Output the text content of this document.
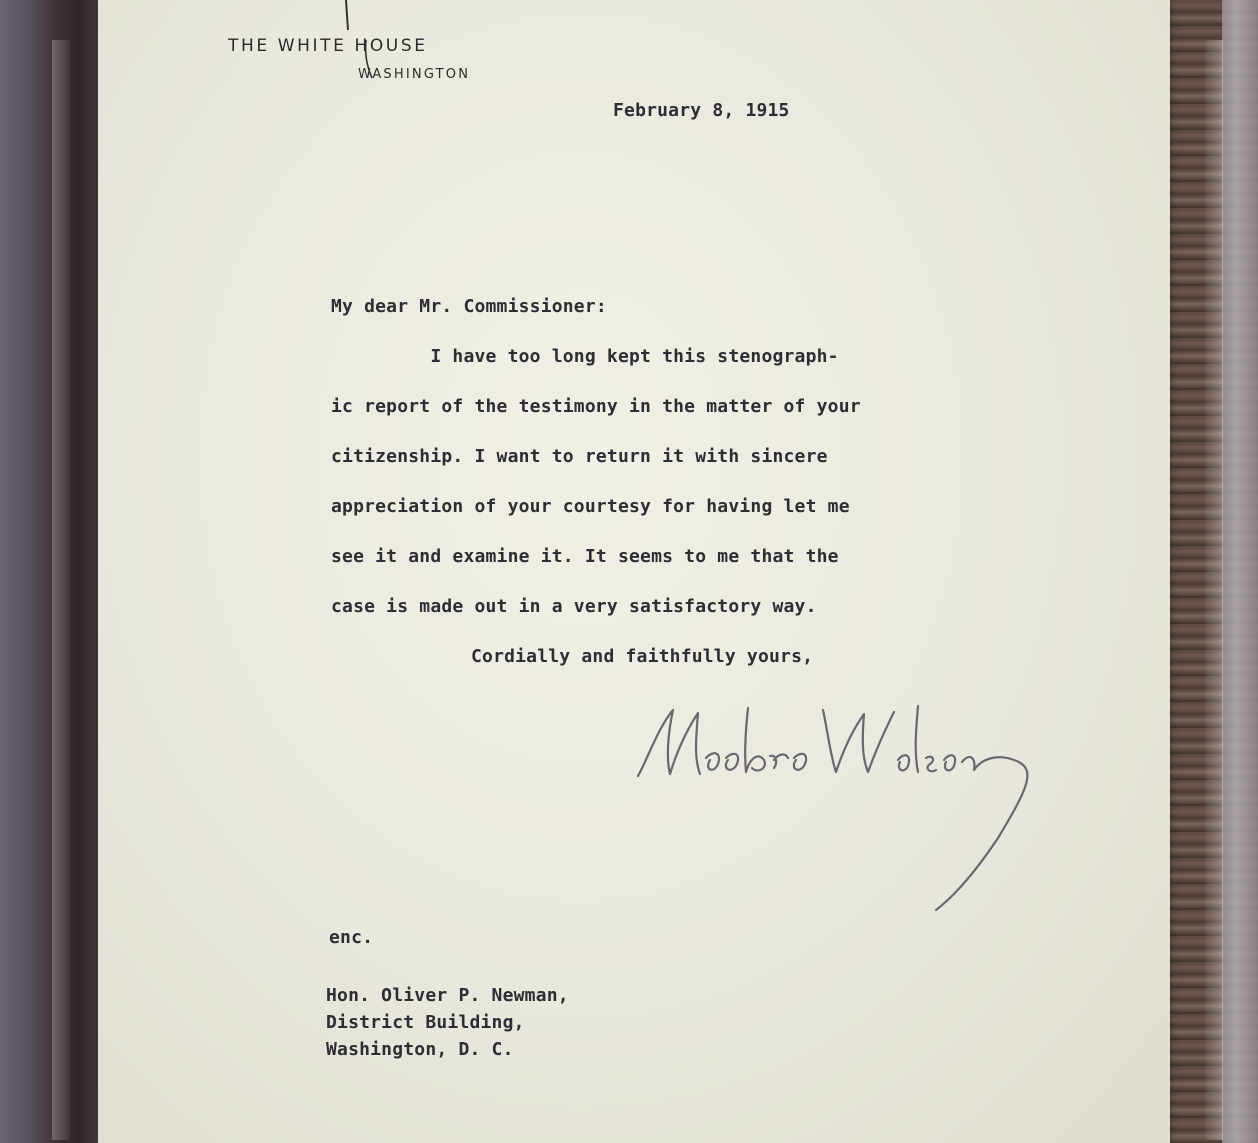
THE WHITE HOUSE
WASHINGTON
February 8, 1915
My dear Mr. Commissioner:
I have too long kept this stenograph-
ic report of the testimony in the matter of your
citizenship. I want to return it with sincere
appreciation of your courtesy for having let me
see it and examine it. It seems to me that the
case is made out in a very satisfactory way.
Cordially and faithfully yours,
enc.
Hon. Oliver P. Newman,
District Building,
Washington, D. C.
